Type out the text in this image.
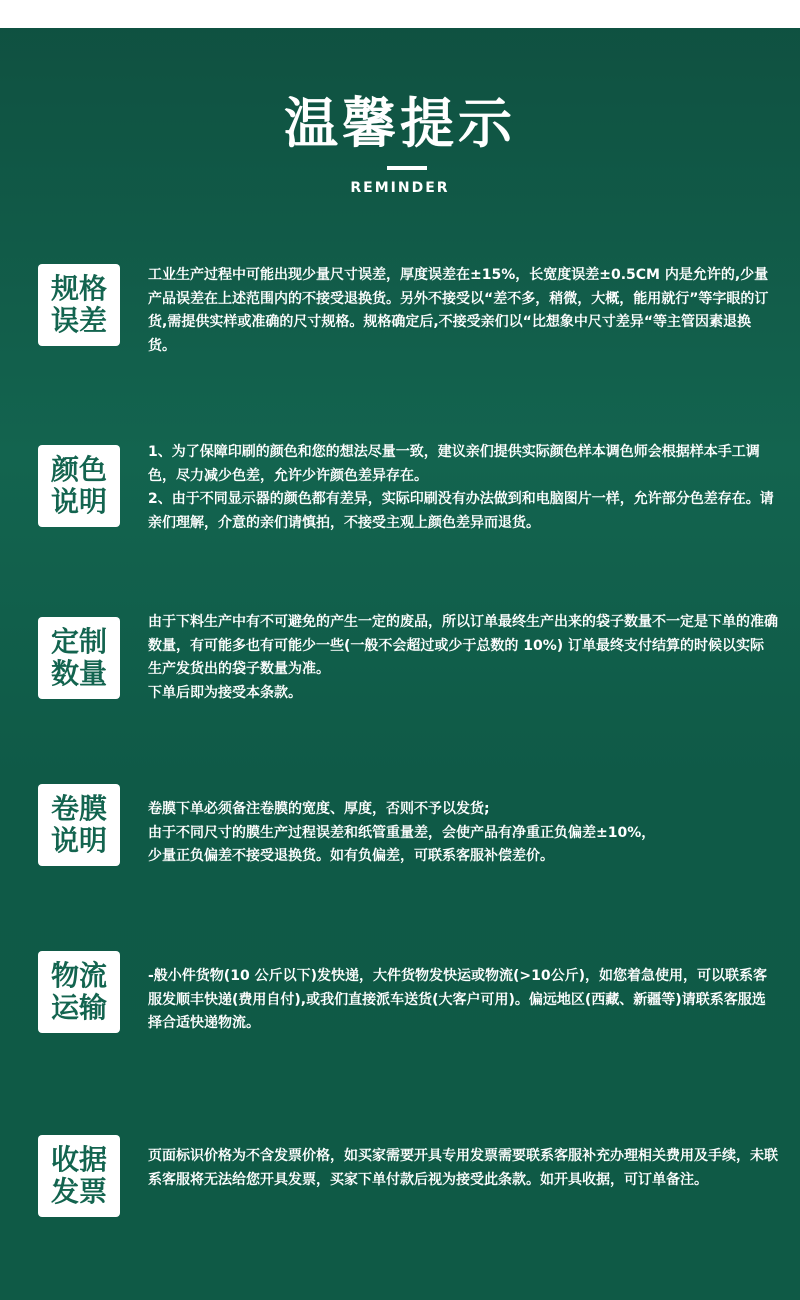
温馨提示
REMINDER
规格
误差

工业生产过程中可能出现少量尺寸误差，厚度误差在±15%，长宽度误差±0.5CM 内是允许的,少量产品误差在上述范围内的不接受退换货。另外不接受以“差不多，稍微，大概，能用就行”等字眼的订货,需提供实样或准确的尺寸规格。规格确定后,不接受亲们以“比想象中尺寸差异“等主管因素退换货。

颜色
说明

1、为了保障印刷的颜色和您的想法尽量一致，建议亲们提供实际颜色样本调色师会根据样本手工调色，尽力减少色差，允许少许颜色差异存在。

2、由于不同显示器的颜色都有差异，实际印刷没有办法做到和电脑图片一样，允许部分色差存在。请亲们理解，介意的亲们请慎拍，不接受主观上颜色差异而退货。

定制
数量

由于下料生产中有不可避免的产生一定的废品，所以订单最终生产出来的袋子数量不一定是下单的准确数量，有可能多也有可能少一些(一般不会超过或少于总数的 10%) 订单最终支付结算的时候以实际生产发货出的袋子数量为准。

下单后即为接受本条款。

卷膜
说明

卷膜下单必须备注卷膜的宽度、厚度，否则不予以发货;

由于不同尺寸的膜生产过程误差和纸管重量差，会使产品有净重正负偏差±10%，

少量正负偏差不接受退换货。如有负偏差，可联系客服补偿差价。

物流
运输

-般小件货物(10 公斤以下)发快递，大件货物发快运或物流(>10公斤)，如您着急使用，可以联系客服发顺丰快递(费用自付),或我们直接派车送货(大客户可用)。偏远地区(西藏、新疆等)请联系客服选择合适快递物流。

收据
发票

页面标识价格为不含发票价格，如买家需要开具专用发票需要联系客服补充办理相关费用及手续，未联系客服将无法给您开具发票，买家下单付款后视为接受此条款。如开具收据，可订单备注。
